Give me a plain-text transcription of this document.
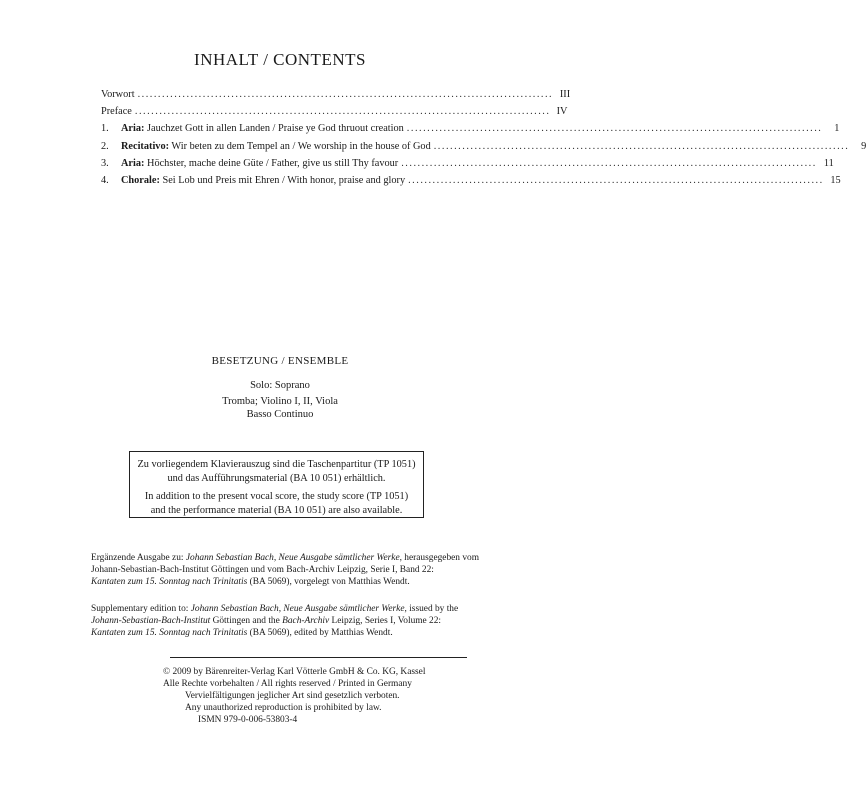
INHALT / CONTENTS
Vorwort ...................................................................................................... III
Preface ...................................................................................................... IV
1.	Aria: Jauchzet Gott in allen Landen / Praise ye God thruout creation ......................................................................................................	1
2.	Recitativo: Wir beten zu dem Tempel an / We worship in the house of God ......................................................................................................	9
3.	Aria: Höchster, mache deine Güte / Father, give us still Thy favour ...................................................................................................... 11
4.	Chorale: Sei Lob und Preis mit Ehren / With honor, praise and glory ...................................................................................................... 15
BESETZUNG / ENSEMBLE
Solo: Soprano
Tromba; Violino I, II, Viola
Basso Continuo
Zu vorliegendem Klavierauszug sind die Taschenpartitur (TP 1051)
und das Aufführungsmaterial (BA 10 051) erhältlich.
In addition to the present vocal score, the study score (TP 1051)
and the performance material (BA 10 051) are also available.
Ergänzende Ausgabe zu: Johann Sebastian Bach, Neue Ausgabe sämtlicher Werke, herausgegeben vom
Johann-Sebastian-Bach-Institut Göttingen und vom Bach-Archiv Leipzig, Serie I, Band 22:
Kantaten zum 15. Sonntag nach Trinitatis (BA 5069), vorgelegt von Matthias Wendt.
Supplementary edition to: Johann Sebastian Bach, Neue Ausgabe sämtlicher Werke, issued by the
Johann-Sebastian-Bach-Institut Göttingen and the Bach-Archiv Leipzig, Series I, Volume 22:
Kantaten zum 15. Sonntag nach Trinitatis (BA 5069), edited by Matthias Wendt.
© 2009 by Bärenreiter-Verlag Karl Vötterle GmbH & Co. KG, Kassel
Alle Rechte vorbehalten / All rights reserved / Printed in Germany
Vervielfältigungen jeglicher Art sind gesetzlich verboten.
Any unauthorized reproduction is prohibited by law.
ISMN 979-0-006-53803-4
